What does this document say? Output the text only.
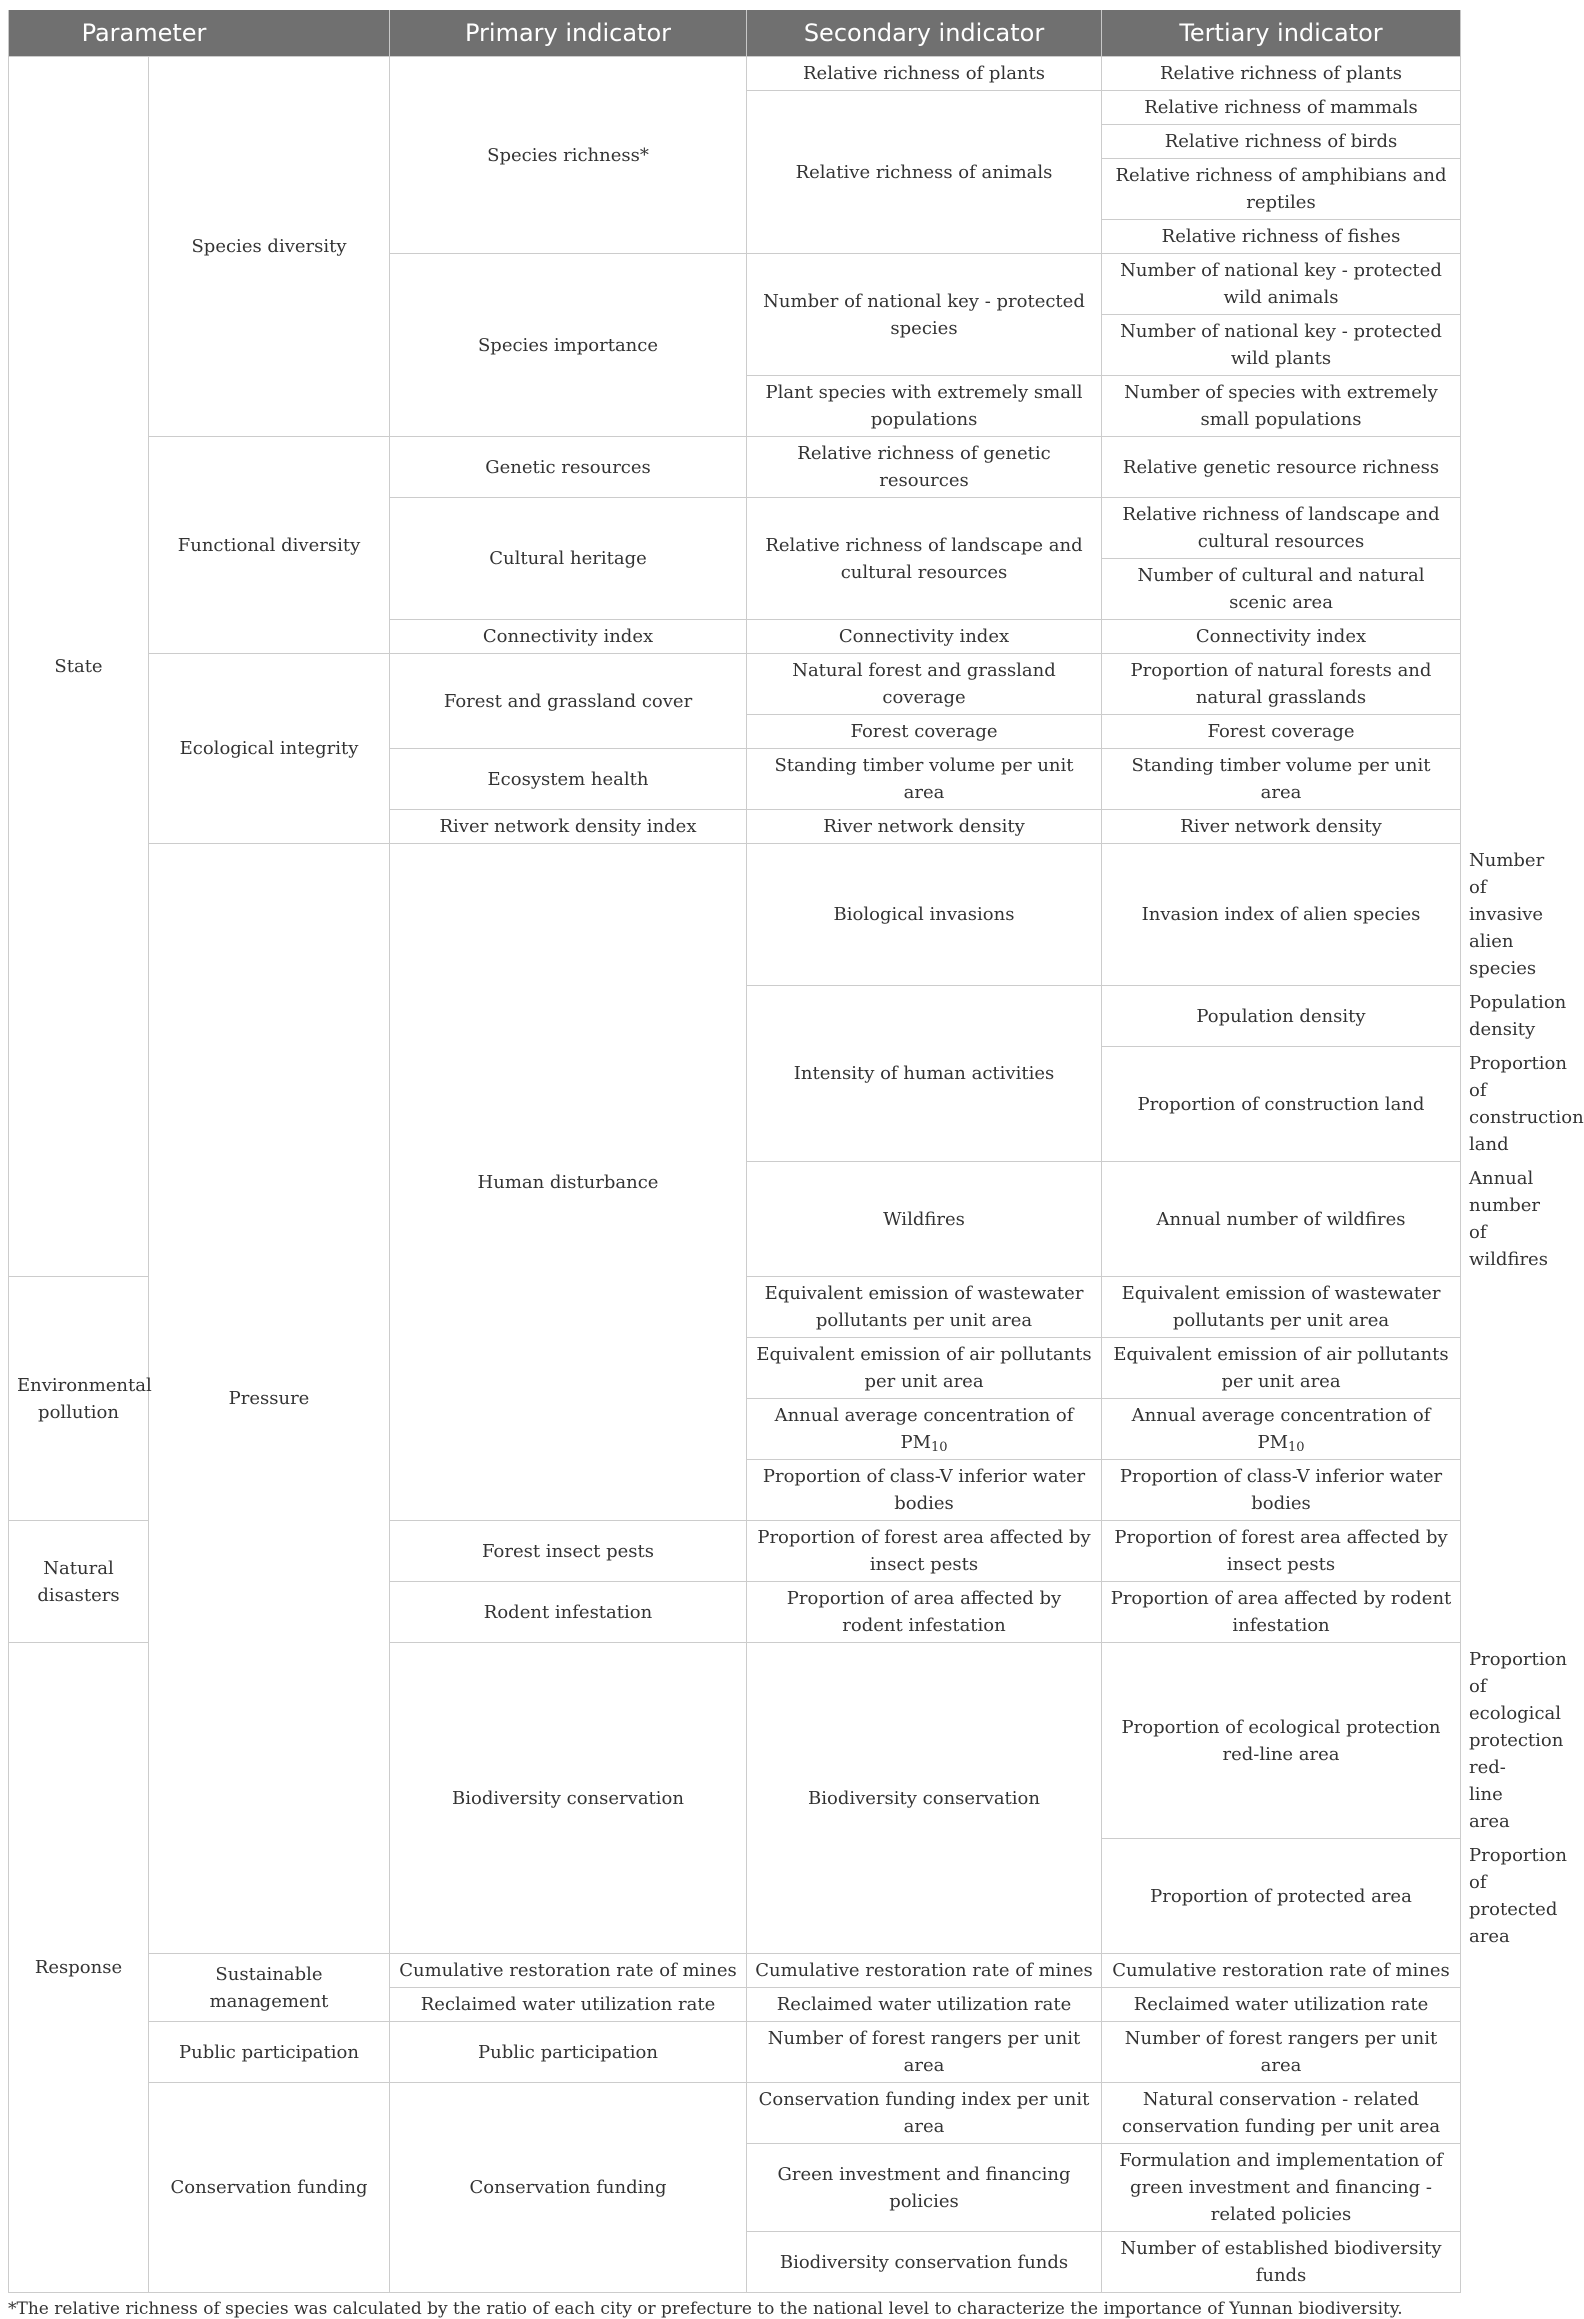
Parameter		Primary indicator	Secondary indicator	Tertiary indicator	
State	Species diversity	Species richness*	Relative richness of plants	Relative richness of plants	
			Relative richness of animals	Relative richness of mammals	
				Relative richness of birds	
				Relative richness of amphibians and reptiles	
				Relative richness of fishes	
		Species importance	Number of national key - protected species	Number of national key - protected wild animals	
				Number of national key - protected wild plants	
			Plant species with extremely small populations	Number of species with extremely small populations	
	Functional diversity	Genetic resources	Relative richness of genetic resources	Relative genetic resource richness	
		Cultural heritage	Relative richness of landscape and cultural resources	Relative richness of landscape and cultural resources	
				Number of cultural and natural scenic area	
		Connectivity index	Connectivity index	Connectivity index	
	Ecological integrity	Forest and grassland cover	Natural forest and grassland coverage	Proportion of natural forests and natural grasslands	
			Forest coverage	Forest coverage	
		Ecosystem health	Standing timber volume per unit area	Standing timber volume per unit area	
		River network density index	River network density	River network density	
	Pressure	Human disturbance	Biological invasions	Invasion index of alien species	Number of invasive alien species
			Intensity of human activities	Population density	Population density
				Proportion of construction land	Proportion of construction land
			Wildfires	Annual number of wildfires	Annual number of wildfires
Environmental pollution			Equivalent emission of wastewater pollutants per unit area	Equivalent emission of wastewater pollutants per unit area	
			Equivalent emission of air pollutants per unit area	Equivalent emission of air pollutants per unit area	
			Annual average concentration of $PM_{10}$	Annual average concentration of $PM_{10}$
			Proportion of class-V inferior water bodies	Proportion of class-V inferior water bodies	
Natural disasters		Forest insect pests	Proportion of forest area affected by insect pests	Proportion of forest area affected by insect pests	
		Rodent infestation	Proportion of area affected by rodent infestation	Proportion of area affected by rodent infestation	
Response		Biodiversity conservation	Biodiversity conservation	Proportion of ecological protection red-line area	Proportion of ecological protection red-line area
				Proportion of protected area	Proportion of protected area
	Sustainable management	Cumulative restoration rate of mines	Cumulative restoration rate of mines	Cumulative restoration rate of mines	
		Reclaimed water utilization rate	Reclaimed water utilization rate	Reclaimed water utilization rate	
	Public participation	Public participation	Number of forest rangers per unit area	Number of forest rangers per unit area	
	Conservation funding	Conservation funding	Conservation funding index per unit area	Natural conservation - related conservation funding per unit area	
			Green investment and financing policies	Formulation and implementation of green investment and financing - related policies	
			Biodiversity conservation funds	Number of established biodiversity funds	
*The relative richness of species was calculated by the ratio of each city or prefecture to the national level to characterize the importance of Yunnan biodiversity.
